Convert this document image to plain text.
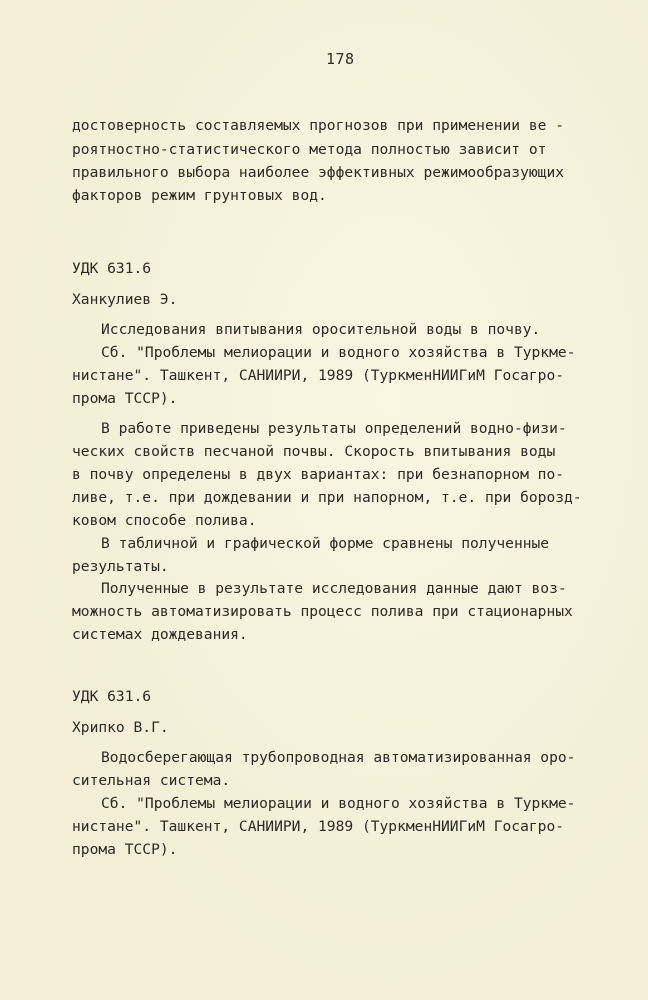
178
достоверность составляемых прогнозов при применении ве -
роятностно-статистического метода полностью зависит от
правильного выбора наиболее эффективных режимообразующих
факторов режим грунтовых вод.
УДК 631.6
Ханкулиев Э.
Исследования впитывания оросительной воды в почву.
Сб. "Проблемы мелиорации и водного хозяйства в Туркме-
нистане". Ташкент, САНИИРИ, 1989 (ТуркменНИИГиМ Госагро-
прома ТССР).
В работе приведены результаты определений водно-физи-
ческих свойств песчаной почвы. Скорость впитывания воды
в почву определены в двух вариантах: при безнапорном по-
ливе, т.е. при дождевании и при напорном, т.е. при борозд-
ковом способе полива.
В табличной и графической форме сравнены полученные
результаты.
Полученные в результате исследования данные дают воз-
можность автоматизировать процесс полива при стационарных
системах дождевания.
УДК 631.6
Хрипко В.Г.
Водосберегающая трубопроводная автоматизированная оро-
сительная система.
Сб. "Проблемы мелиорации и водного хозяйства в Туркме-
нистане". Ташкент, САНИИРИ, 1989 (ТуркменНИИГиМ Госагро-
прома ТССР).
